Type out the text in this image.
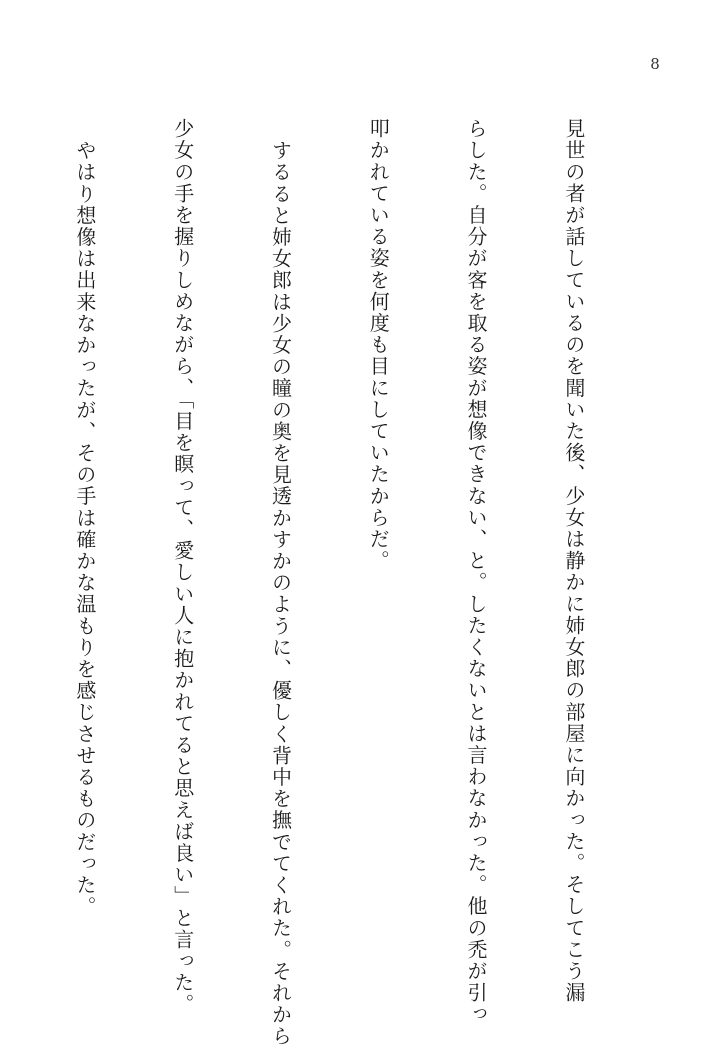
8

見世の者が話しているのを聞いた後、少女は静かに姉女郎の部屋に向かった。そしてこう漏

らした。自分が客を取る姿が想像できない、と。したくないとは言わなかった。他の禿が引っ

叩かれている姿を何度も目にしていたからだ。

するると姉女郎は少女の瞳の奥を見透かすかのように、優しく背中を撫でてくれた。それから

少女の手を握りしめながら、「目を瞑って、愛しい人に抱かれてると思えば良い」と言った。

やはり想像は出来なかったが、その手は確かな温もりを感じさせるものだった。
